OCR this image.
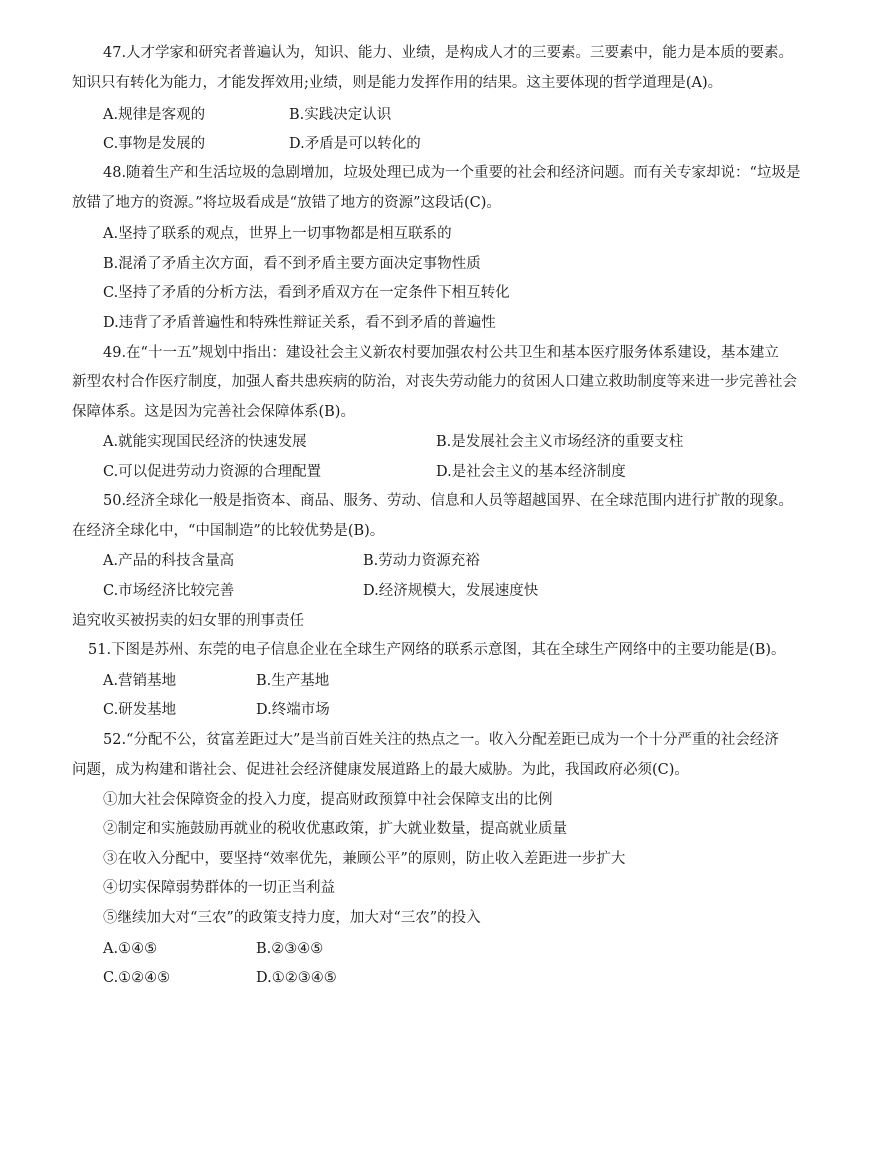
47.人才学家和研究者普遍认为，知识、能力、业绩，是构成人才的三要素。三要素中，能力是本质的要素。
知识只有转化为能力，才能发挥效用;业绩，则是能力发挥作用的结果。这主要体现的哲学道理是(A)。
A.规律是客观的	B.实践决定认识
C.事物是发展的	D.矛盾是可以转化的
48.随着生产和生活垃圾的急剧增加，垃圾处理已成为一个重要的社会和经济问题。而有关专家却说：“垃圾是
放错了地方的资源。”将垃圾看成是“放错了地方的资源”这段话(C)。
A.坚持了联系的观点，世界上一切事物都是相互联系的
B.混淆了矛盾主次方面，看不到矛盾主要方面决定事物性质
C.坚持了矛盾的分析方法，看到矛盾双方在一定条件下相互转化
D.违背了矛盾普遍性和特殊性辩证关系，看不到矛盾的普遍性
49.在“十一五”规划中指出：建设社会主义新农村要加强农村公共卫生和基本医疗服务体系建设，基本建立
新型农村合作医疗制度，加强人畜共患疾病的防治，对丧失劳动能力的贫困人口建立救助制度等来进一步完善社会
保障体系。这是因为完善社会保障体系(B)。
A.就能实现国民经济的快速发展	B.是发展社会主义市场经济的重要支柱
C.可以促进劳动力资源的合理配置	D.是社会主义的基本经济制度
50.经济全球化一般是指资本、商品、服务、劳动、信息和人员等超越国界、在全球范围内进行扩散的现象。
在经济全球化中，“中国制造”的比较优势是(B)。
A.产品的科技含量高	B.劳动力资源充裕
C.市场经济比较完善	D.经济规模大，发展速度快
追究收买被拐卖的妇女罪的刑事责任
51.下图是苏州、东莞的电子信息企业在全球生产网络的联系示意图，其在全球生产网络中的主要功能是(B)。
A.营销基地	B.生产基地
C.研发基地	D.终端市场
52.“分配不公，贫富差距过大”是当前百姓关注的热点之一。收入分配差距已成为一个十分严重的社会经济
问题，成为构建和谐社会、促进社会经济健康发展道路上的最大威胁。为此，我国政府必须(C)。
①加大社会保障资金的投入力度，提高财政预算中社会保障支出的比例
②制定和实施鼓励再就业的税收优惠政策，扩大就业数量，提高就业质量
③在收入分配中，要坚持“效率优先，兼顾公平”的原则，防止收入差距进一步扩大
④切实保障弱势群体的一切正当利益
⑤继续加大对“三农”的政策支持力度，加大对“三农”的投入
A.①④⑤	B.②③④⑤
C.①②④⑤	D.①②③④⑤
